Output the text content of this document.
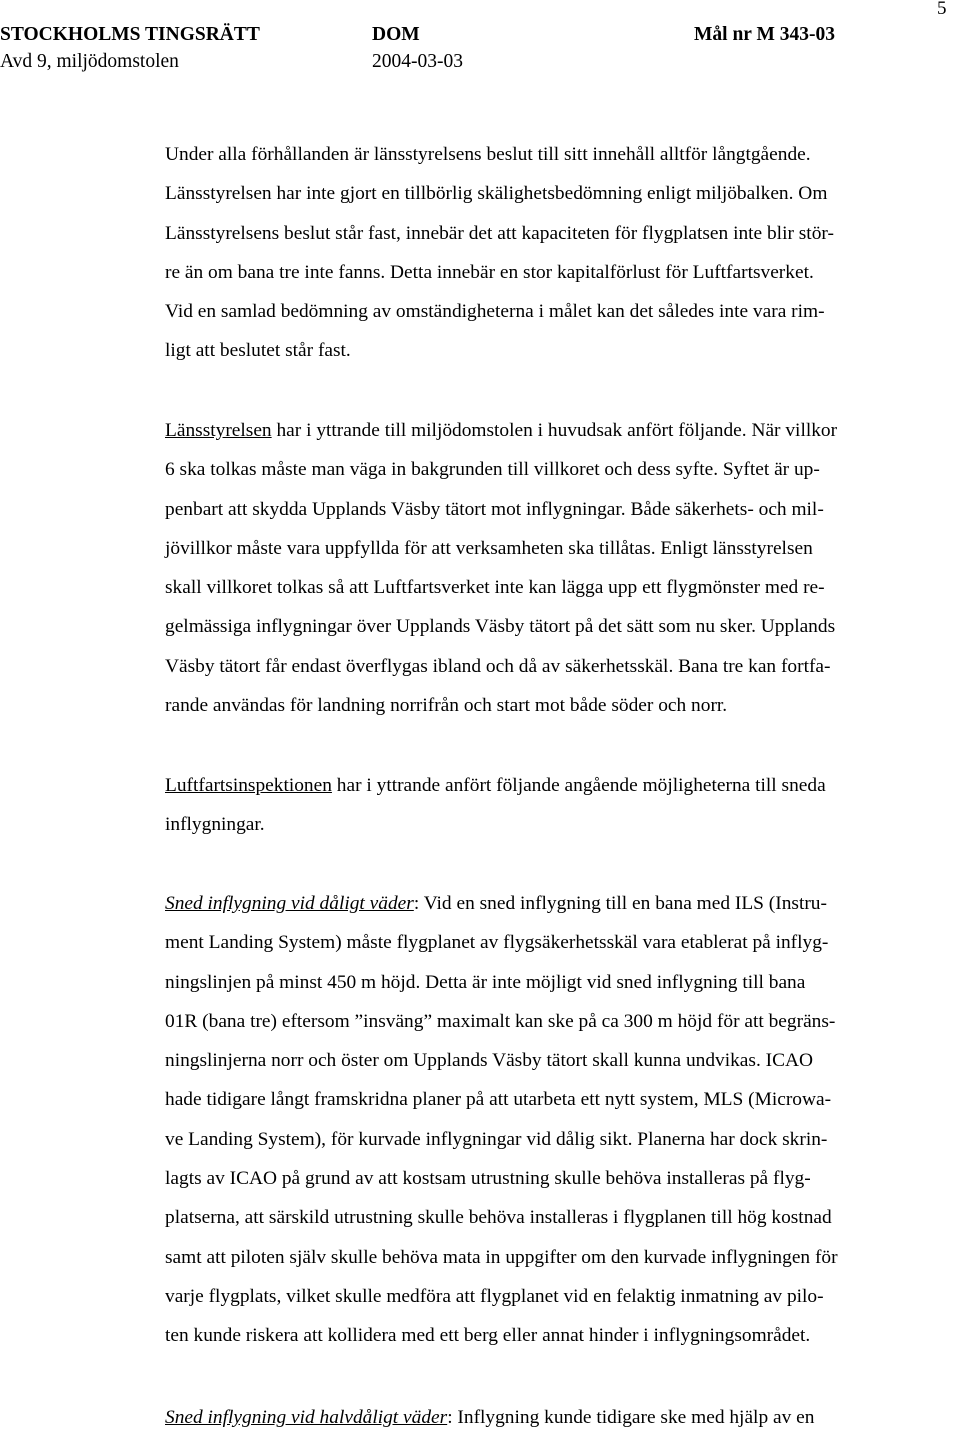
5
STOCKHOLMS TINGSRÄTT	DOM	Mål nr M 343-03
Avd 9, miljödomstolen	2004-03-03
Under alla förhållanden är länsstyrelsens beslut till sitt innehåll alltför långtgående.
Länsstyrelsen har inte gjort en tillbörlig skälighetsbedömning enligt miljöbalken. Om
Länsstyrelsens beslut står fast, innebär det att kapaciteten för flygplatsen inte blir stör-
re än om bana tre inte fanns. Detta innebär en stor kapitalförlust för Luftfartsverket.
Vid en samlad bedömning av omständigheterna i målet kan det således inte vara rim-
ligt att beslutet står fast.
Länsstyrelsen har i yttrande till miljödomstolen i huvudsak anfört följande. När villkor
6 ska tolkas måste man väga in bakgrunden till villkoret och dess syfte. Syftet är up-
penbart att skydda Upplands Väsby tätort mot inflygningar. Både säkerhets- och mil-
jövillkor måste vara uppfyllda för att verksamheten ska tillåtas. Enligt länsstyrelsen
skall villkoret tolkas så att Luftfartsverket inte kan lägga upp ett flygmönster med re-
gelmässiga inflygningar över Upplands Väsby tätort på det sätt som nu sker. Upplands
Väsby tätort får endast överflygas ibland och då av säkerhetsskäl. Bana tre kan fortfa-
rande användas för landning norrifrån och start mot både söder och norr.
Luftfartsinspektionen har i yttrande anfört följande angående möjligheterna till sneda
inflygningar.
Sned inflygning vid dåligt väder: Vid en sned inflygning till en bana med ILS (Instru-
ment Landing System) måste flygplanet av flygsäkerhetsskäl vara etablerat på inflyg-
ningslinjen på minst 450 m höjd. Detta är inte möjligt vid sned inflygning till bana
01R (bana tre) eftersom ”insväng” maximalt kan ske på ca 300 m höjd för att begräns-
ningslinjerna norr och öster om Upplands Väsby tätort skall kunna undvikas. ICAO
hade tidigare långt framskridna planer på att utarbeta ett nytt system, MLS (Microwa-
ve Landing System), för kurvade inflygningar vid dålig sikt. Planerna har dock skrin-
lagts av ICAO på grund av att kostsam utrustning skulle behöva installeras på flyg-
platserna, att särskild utrustning skulle behöva installeras i flygplanen till hög kostnad
samt att piloten själv skulle behöva mata in uppgifter om den kurvade inflygningen för
varje flygplats, vilket skulle medföra att flygplanet vid en felaktig inmatning av pilo-
ten kunde riskera att kollidera med ett berg eller annat hinder i inflygningsområdet.
Sned inflygning vid halvdåligt väder: Inflygning kunde tidigare ske med hjälp av en
